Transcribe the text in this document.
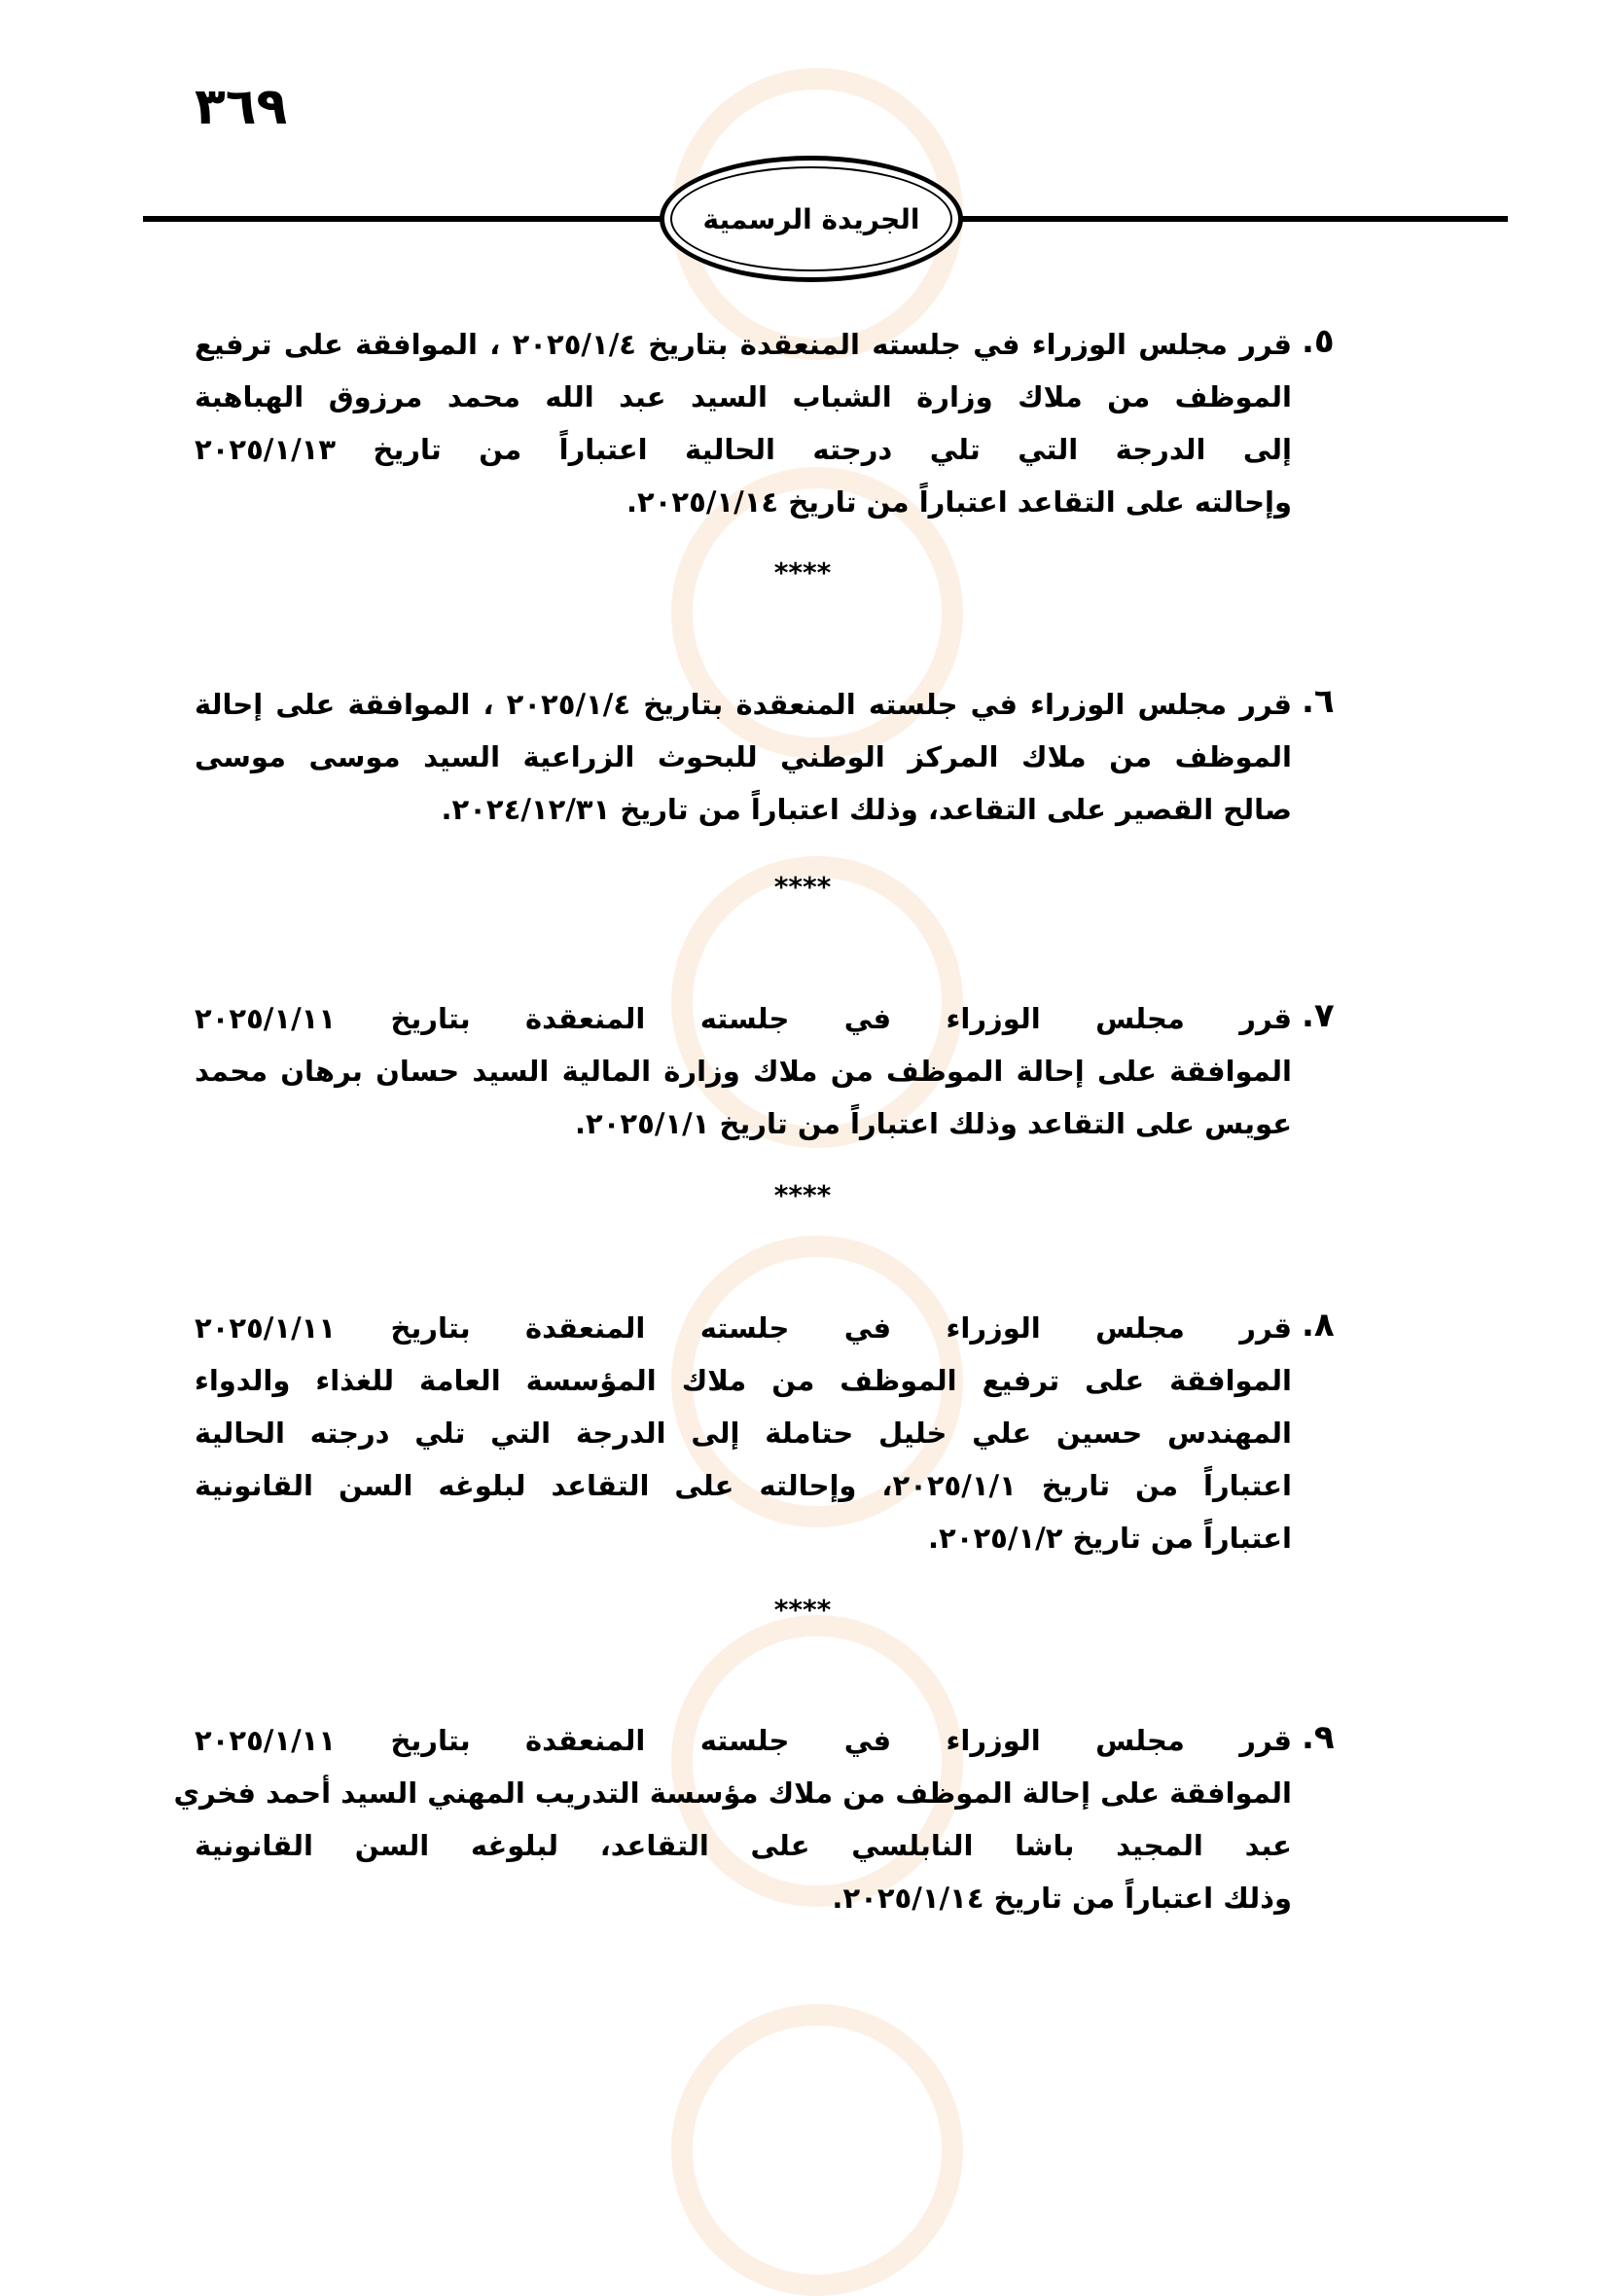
٣٦٩
الجريدة الرسمية
٥.
قرر مجلس الوزراء في جلسته المنعقدة بتاريخ ٢٠٢٥/١/٤ ، الموافقة على ترفيع
الموظف من ملاك وزارة الشباب السيد عبد الله محمد مرزوق الهباهبة
إلى الدرجة التي تلي درجته الحالية اعتباراً من تاريخ ٢٠٢٥/١/١٣
وإحالته على التقاعد اعتباراً من تاريخ ٢٠٢٥/١/١٤.
٦.
قرر مجلس الوزراء في جلسته المنعقدة بتاريخ ٢٠٢٥/١/٤ ، الموافقة على إحالة
الموظف من ملاك المركز الوطني للبحوث الزراعية السيد موسى موسى
صالح القصير على التقاعد، وذلك اعتباراً من تاريخ ٢٠٢٤/١٢/٣١.
٧.
قرر مجلس الوزراء في جلسته المنعقدة بتاريخ ٢٠٢٥/١/١١
الموافقة على إحالة الموظف من ملاك وزارة المالية السيد حسان برهان محمد
عويس على التقاعد وذلك اعتباراً من تاريخ ٢٠٢٥/١/١.
٨.
قرر مجلس الوزراء في جلسته المنعقدة بتاريخ ٢٠٢٥/١/١١
الموافقة على ترفيع الموظف من ملاك المؤسسة العامة للغذاء والدواء
المهندس حسين علي خليل حتاملة إلى الدرجة التي تلي درجته الحالية
اعتباراً من تاريخ ٢٠٢٥/١/١، وإحالته على التقاعد لبلوغه السن القانونية
اعتباراً من تاريخ ٢٠٢٥/١/٢.
٩.
قرر مجلس الوزراء في جلسته المنعقدة بتاريخ ٢٠٢٥/١/١١
الموافقة على إحالة الموظف من ملاك مؤسسة التدريب المهني السيد أحمد فخري
عبد المجيد باشا النابلسي على التقاعد، لبلوغه السن القانونية
وذلك اعتباراً من تاريخ ٢٠٢٥/١/١٤.
****
****
****
****
